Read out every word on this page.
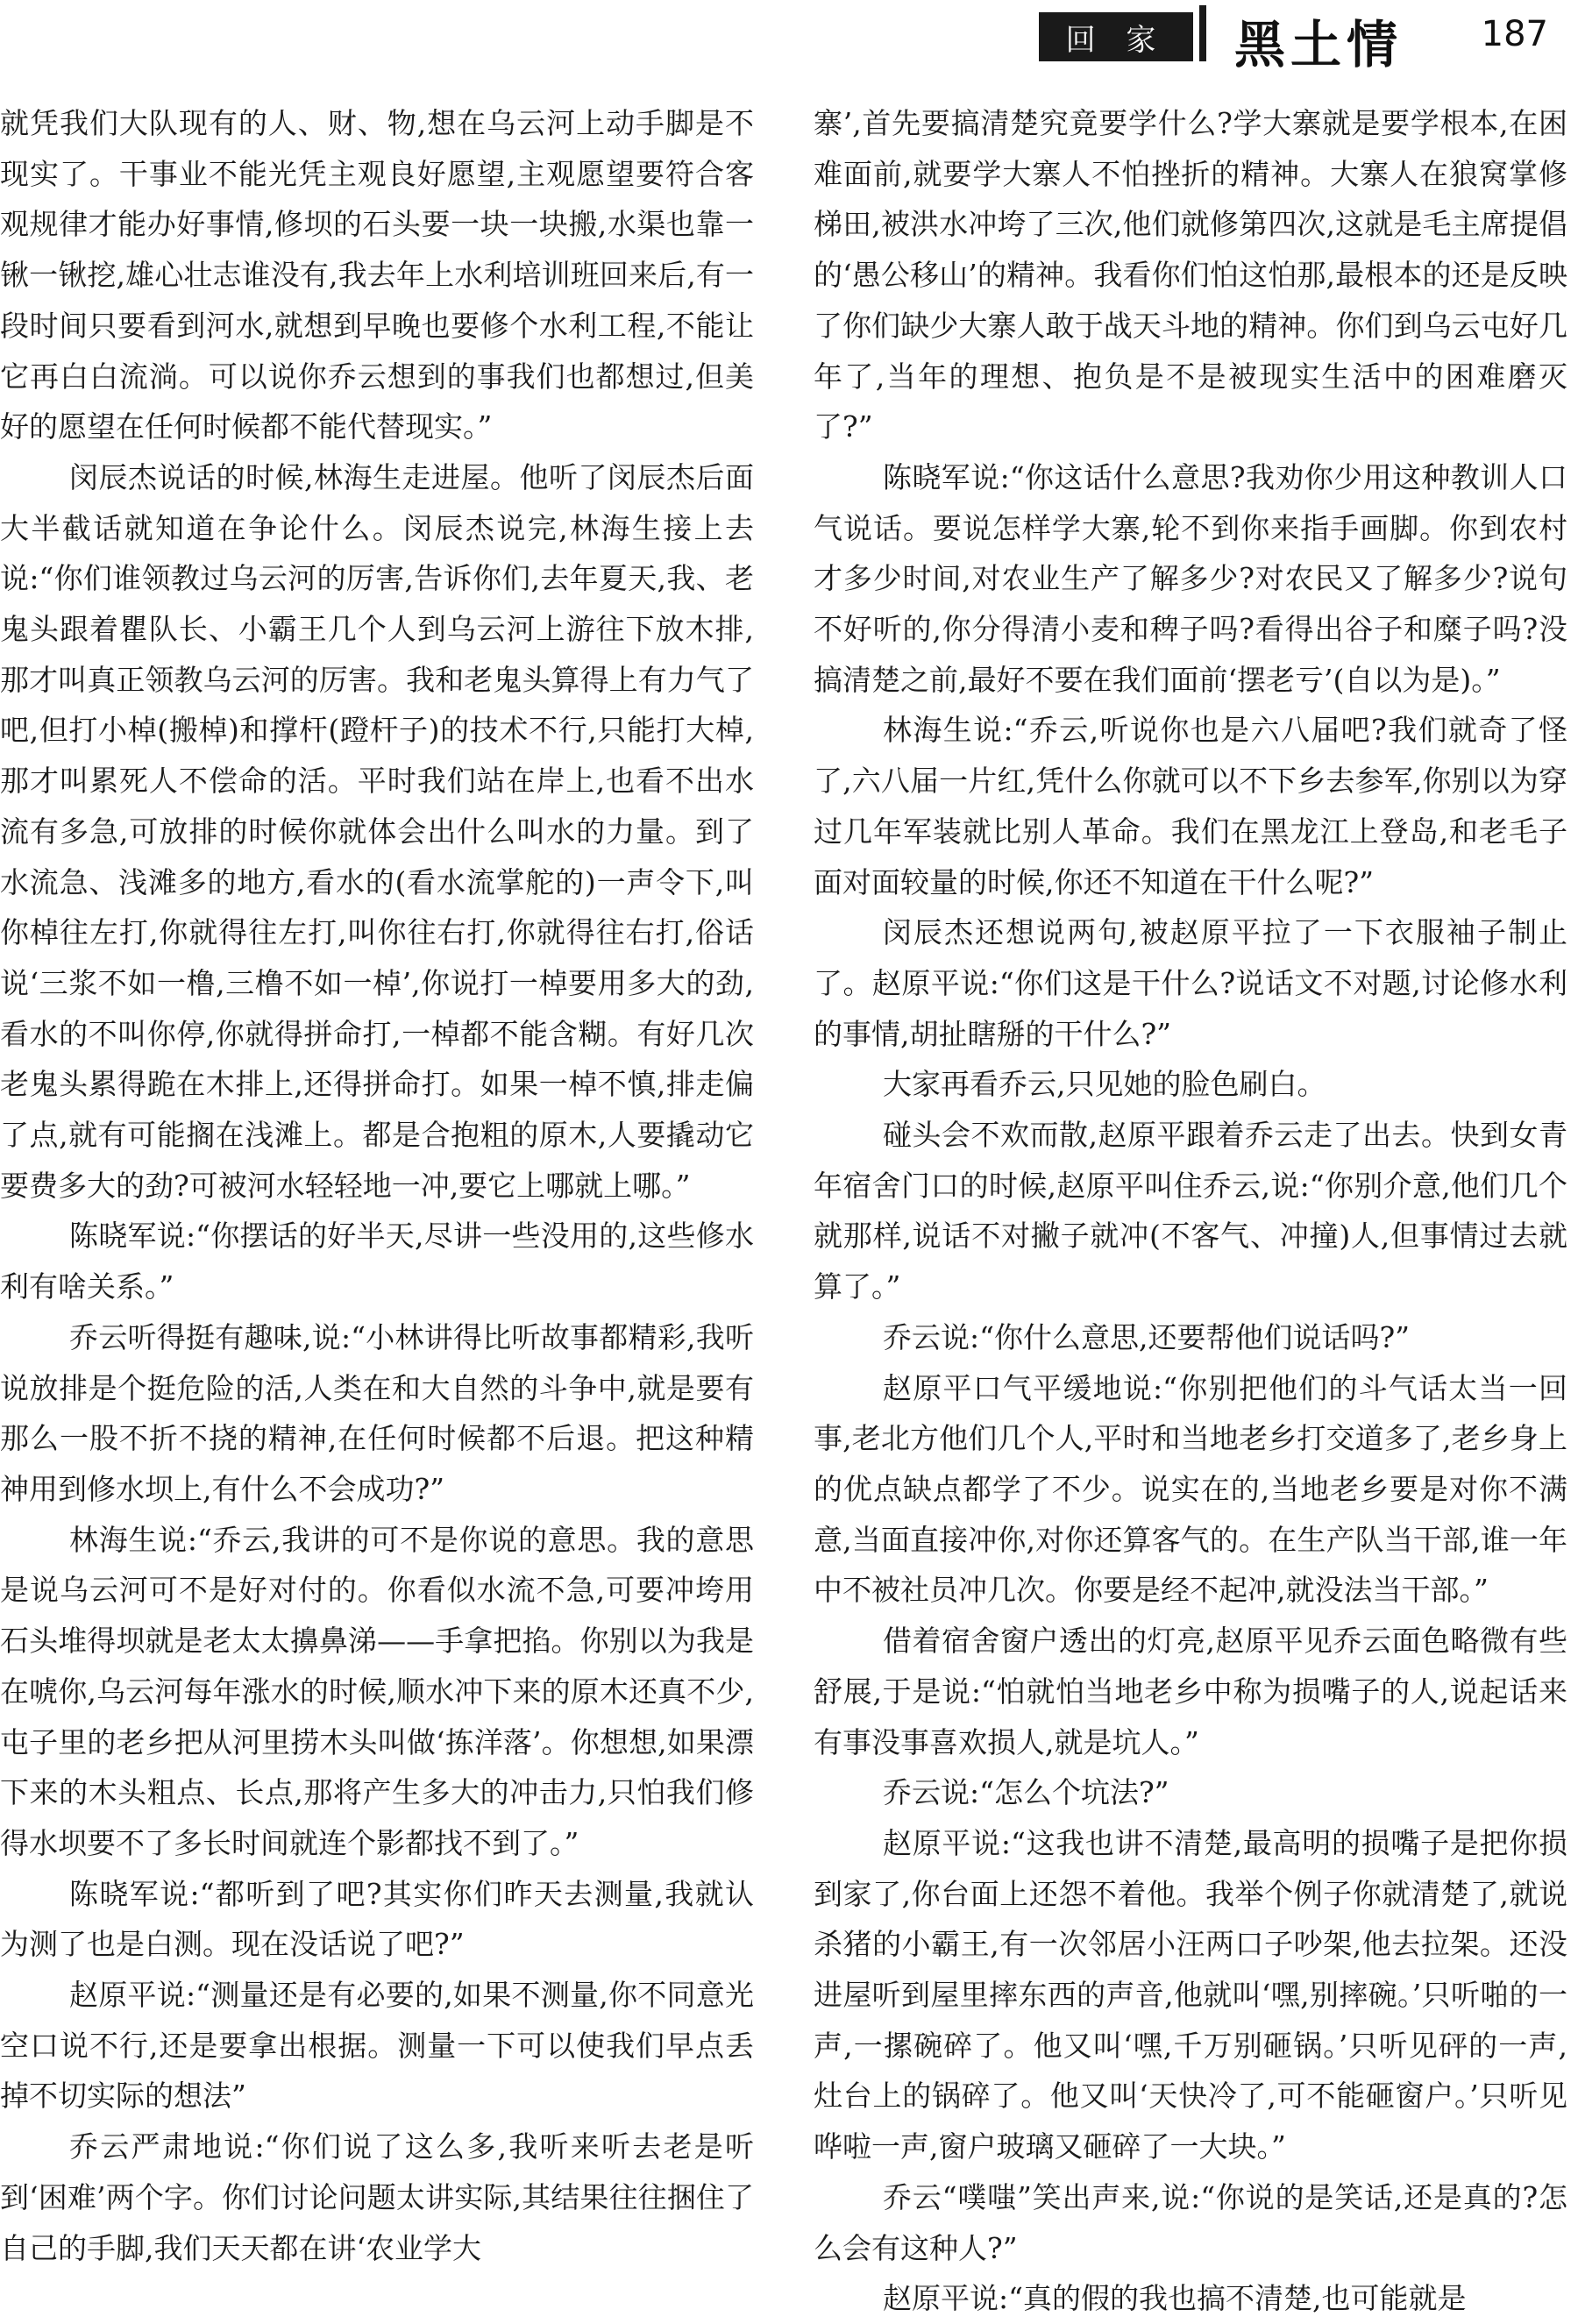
回 家	黑土情 187

就凭我们大队现有的人、财、物,想在乌云河上动手脚是不现实了。干事业不能光凭主观良好愿望,主观愿望要符合客观规律才能办好事情,修坝的石头要一块一块搬,水渠也靠一锹一锹挖,雄心壮志谁没有,我去年上水利培训班回来后,有一段时间只要看到河水,就想到早晚也要修个水利工程,不能让它再白白流淌。可以说你乔云想到的事我们也都想过,但美好的愿望在任何时候都不能代替现实。”

闵辰杰说话的时候,林海生走进屋。他听了闵辰杰后面大半截话就知道在争论什么。闵辰杰说完,林海生接上去说:“你们谁领教过乌云河的厉害,告诉你们,去年夏天,我、老鬼头跟着瞿队长、小霸王几个人到乌云河上游往下放木排,那才叫真正领教乌云河的厉害。我和老鬼头算得上有力气了吧,但打小棹(搬棹)和撑杆(蹬杆子)的技术不行,只能打大棹,那才叫累死人不偿命的活。平时我们站在岸上,也看不出水流有多急,可放排的时候你就体会出什么叫水的力量。到了水流急、浅滩多的地方,看水的(看水流掌舵的)一声令下,叫你棹往左打,你就得往左打,叫你往右打,你就得往右打,俗话说‘三浆不如一橹,三橹不如一棹’,你说打一棹要用多大的劲,看水的不叫你停,你就得拼命打,一棹都不能含糊。有好几次老鬼头累得跪在木排上,还得拼命打。如果一棹不慎,排走偏了点,就有可能搁在浅滩上。都是合抱粗的原木,人要撬动它要费多大的劲?可被河水轻轻地一冲,要它上哪就上哪。”

陈晓军说:“你摆话的好半天,尽讲一些没用的,这些修水利有啥关系。”

乔云听得挺有趣味,说:“小林讲得比听故事都精彩,我听说放排是个挺危险的活,人类在和大自然的斗争中,就是要有那么一股不折不挠的精神,在任何时候都不后退。把这种精神用到修水坝上,有什么不会成功?”

林海生说:“乔云,我讲的可不是你说的意思。我的意思是说乌云河可不是好对付的。你看似水流不急,可要冲垮用石头堆得坝就是老太太擤鼻涕——手拿把掐。你别以为我是在唬你,乌云河每年涨水的时候,顺水冲下来的原木还真不少,屯子里的老乡把从河里捞木头叫做‘拣洋落’。你想想,如果漂下来的木头粗点、长点,那将产生多大的冲击力,只怕我们修得水坝要不了多长时间就连个影都找不到了。”

陈晓军说:“都听到了吧?其实你们昨天去测量,我就认为测了也是白测。现在没话说了吧?”

赵原平说:“测量还是有必要的,如果不测量,你不同意光空口说不行,还是要拿出根据。测量一下可以使我们早点丢掉不切实际的想法”

乔云严肃地说:“你们说了这么多,我听来听去老是听到‘困难’两个字。你们讨论问题太讲实际,其结果往往捆住了自己的手脚,我们天天都在讲‘农业学大

寨’,首先要搞清楚究竟要学什么?学大寨就是要学根本,在困难面前,就要学大寨人不怕挫折的精神。大寨人在狼窝掌修梯田,被洪水冲垮了三次,他们就修第四次,这就是毛主席提倡的‘愚公移山’的精神。我看你们怕这怕那,最根本的还是反映了你们缺少大寨人敢于战天斗地的精神。你们到乌云屯好几年了,当年的理想、抱负是不是被现实生活中的困难磨灭了?”

陈晓军说:“你这话什么意思?我劝你少用这种教训人口气说话。要说怎样学大寨,轮不到你来指手画脚。你到农村才多少时间,对农业生产了解多少?对农民又了解多少?说句不好听的,你分得清小麦和稗子吗?看得出谷子和糜子吗?没搞清楚之前,最好不要在我们面前‘摆老亏’(自以为是)。”

林海生说:“乔云,听说你也是六八届吧?我们就奇了怪了,六八届一片红,凭什么你就可以不下乡去参军,你别以为穿过几年军装就比别人革命。我们在黑龙江上登岛,和老毛子面对面较量的时候,你还不知道在干什么呢?”

闵辰杰还想说两句,被赵原平拉了一下衣服袖子制止了。赵原平说:“你们这是干什么?说话文不对题,讨论修水利的事情,胡扯瞎掰的干什么?”

大家再看乔云,只见她的脸色刷白。

碰头会不欢而散,赵原平跟着乔云走了出去。快到女青年宿舍门口的时候,赵原平叫住乔云,说:“你别介意,他们几个就那样,说话不对撇子就冲(不客气、冲撞)人,但事情过去就算了。”

乔云说:“你什么意思,还要帮他们说话吗?”

赵原平口气平缓地说:“你别把他们的斗气话太当一回事,老北方他们几个人,平时和当地老乡打交道多了,老乡身上的优点缺点都学了不少。说实在的,当地老乡要是对你不满意,当面直接冲你,对你还算客气的。在生产队当干部,谁一年中不被社员冲几次。你要是经不起冲,就没法当干部。”

借着宿舍窗户透出的灯亮,赵原平见乔云面色略微有些舒展,于是说:“怕就怕当地老乡中称为损嘴子的人,说起话来有事没事喜欢损人,就是坑人。”

乔云说:“怎么个坑法?”

赵原平说:“这我也讲不清楚,最高明的损嘴子是把你损到家了,你台面上还怨不着他。我举个例子你就清楚了,就说杀猪的小霸王,有一次邻居小汪两口子吵架,他去拉架。还没进屋听到屋里摔东西的声音,他就叫‘嘿,别摔碗。’只听啪的一声,一摞碗碎了。他又叫‘嘿,千万别砸锅。’只听见砰的一声,灶台上的锅碎了。他又叫‘天快冷了,可不能砸窗户。’只听见哗啦一声,窗户玻璃又砸碎了一大块。”

乔云“噗嗤”笑出声来,说:“你说的是笑话,还是真的?怎么会有这种人?”

赵原平说:“真的假的我也搞不清楚,也可能就是
